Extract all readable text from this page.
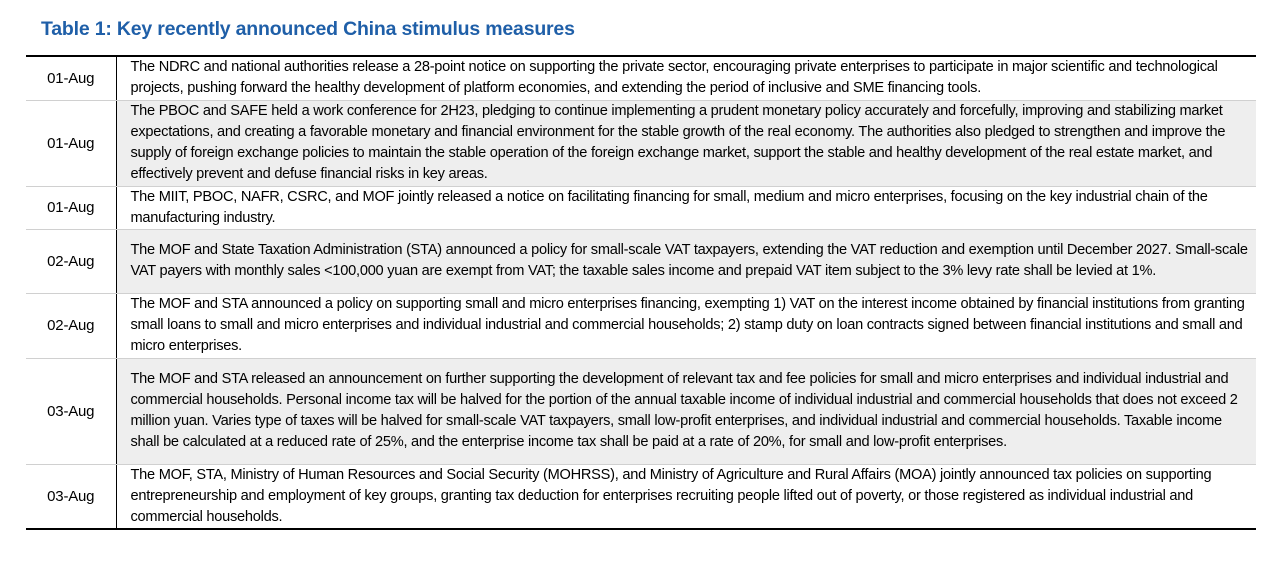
Table 1: Key recently announced China stimulus measures
01-Aug	The NDRC and national authorities release a 28-point notice on supporting the private sector, encouraging private enterprises to participate in major scientific and technological projects, pushing forward the healthy development of platform economies, and extending the period of inclusive and SME financing tools.
01-Aug	The PBOC and SAFE held a work conference for 2H23, pledging to continue implementing a prudent monetary policy accurately and forcefully, improving and stabilizing market expectations, and creating a favorable monetary and financial environment for the stable growth of the real economy. The authorities also pledged to strengthen and improve the supply of foreign exchange policies to maintain the stable operation of the foreign exchange market, support the stable and healthy development of the real estate market, and effectively prevent and defuse financial risks in key areas.
01-Aug	The MIIT, PBOC, NAFR, CSRC, and MOF jointly released a notice on facilitating financing for small, medium and micro enterprises, focusing on the key industrial chain of the manufacturing industry.
02-Aug	The MOF and State Taxation Administration (STA) announced a policy for small-scale VAT taxpayers, extending the VAT reduction and exemption until December 2027. Small-scale VAT payers with monthly sales <100,000 yuan are exempt from VAT; the taxable sales income and prepaid VAT item subject to the 3% levy rate shall be levied at 1%.
02-Aug	The MOF and STA announced a policy on supporting small and micro enterprises financing, exempting 1) VAT on the interest income obtained by financial institutions from granting small loans to small and micro enterprises and individual industrial and commercial households; 2) stamp duty on loan contracts signed between financial institutions and small and micro enterprises.
03-Aug	The MOF and STA released an announcement on further supporting the development of relevant tax and fee policies for small and micro enterprises and individual industrial and commercial households. Personal income tax will be halved for the portion of the annual taxable income of individual industrial and commercial households that does not exceed 2 million yuan. Varies type of taxes will be halved for small-scale VAT taxpayers, small low-profit enterprises, and individual industrial and commercial households. Taxable income shall be calculated at a reduced rate of 25%, and the enterprise income tax shall be paid at a rate of 20%, for small and low-profit enterprises.
03-Aug	The MOF, STA, Ministry of Human Resources and Social Security (MOHRSS), and Ministry of Agriculture and Rural Affairs (MOA) jointly announced tax policies on supporting entrepreneurship and employment of key groups, granting tax deduction for enterprises recruiting people lifted out of poverty, or those registered as individual industrial and commercial households.
